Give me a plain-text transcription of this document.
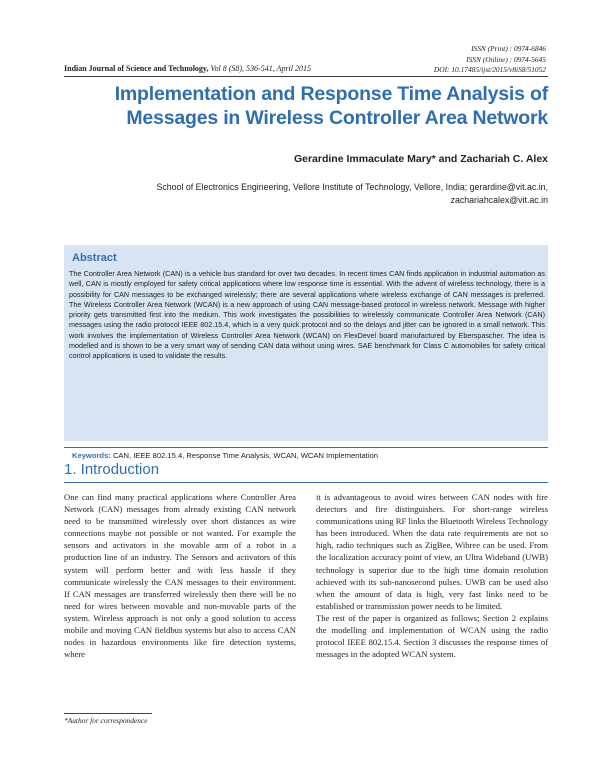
ISSN (Print) : 0974-6846
ISSN (Online) : 0974-5645
DOI: 10.17485/ijst/2015/v8iS8/51052
Indian Journal of Science and Technology, Vol 8 (S8), 536-541, April 2015
Implementation and Response Time Analysis of
Messages in Wireless Controller Area Network
Gerardine Immaculate Mary* and Zachariah C. Alex
School of Electronics Engineering, Vellore Institute of Technology, Vellore, India; gerardine@vit.ac.in,
zachariahcalex@vit.ac.in
Abstract
The Controller Area Network (CAN) is a vehicle bus standard for over two decades. In recent times CAN finds application in industrial automation as well, CAN is mostly employed for safety critical applications where low response time is essential. With the advent of wireless technology, there is a possibility for CAN messages to be exchanged wirelessly; there are several applications where wireless exchange of CAN messages is preferred. The Wireless Controller Area Network (WCAN) is a new approach of using CAN message-based protocol in wireless network. Message with higher priority gets transmitted first into the medium. This work investigates the possibilities to wirelessly communicate Controller Area Network (CAN) messages using the radio protocol IEEE 802.15.4, which is a very quick protocol and so the delays and jitter can be ignored in a small network. This work involves the implementation of Wireless Controller Area Network (WCAN) on FlexDevel board manufactured by Eberspascher. The idea is modelled and is shown to be a very smart way of sending CAN data without using wires. SAE benchmark for Class C automobiles for safety critical control applications is used to validate the results.
Keywords: CAN, IEEE 802.15.4, Response Time Analysis, WCAN, WCAN Implementation
1. Introduction

One can find many practical applications where Controller Area Network (CAN) messages from already existing CAN network need to be transmitted wirelessly over short distances as wire connections maybe not possible or not wanted. For example the sensors and activators in the movable arm of a robot in a production line of an industry. The Sensors and activators of this system will perform better and with less hassle if they communicate wirelessly the CAN messages to their environment. If CAN messages are transferred wirelessly then there will be no need for wires between movable and non-movable parts of the system. Wireless approach is not only a good solution to access mobile and moving CAN fieldbus systems but also to access CAN nodes in hazardous environments like fire detection systems, where

it is advantageous to avoid wires between CAN nodes with fire detectors and fire distinguishers. For short-range wireless communications using RF links the Bluetooth Wireless Technology has been introduced. When the data rate requirements are not so high, radio techniques such as ZigBee, Wibree can be used. From the localization accuracy point of view, an Ultra Wideband (UWB) technology is superior due to the high time domain resolution achieved with its sub-nanosecond pulses. UWB can be used also when the amount of data is high, very fast links need to be established or transmission power needs to be limited.

The rest of the paper is organized as follows; Section 2 explains the modelling and implementation of WCAN using the radio protocol IEEE 802.15.4. Section 3 discusses the response times of messages in the adopted WCAN system.

*Author for correspondence
